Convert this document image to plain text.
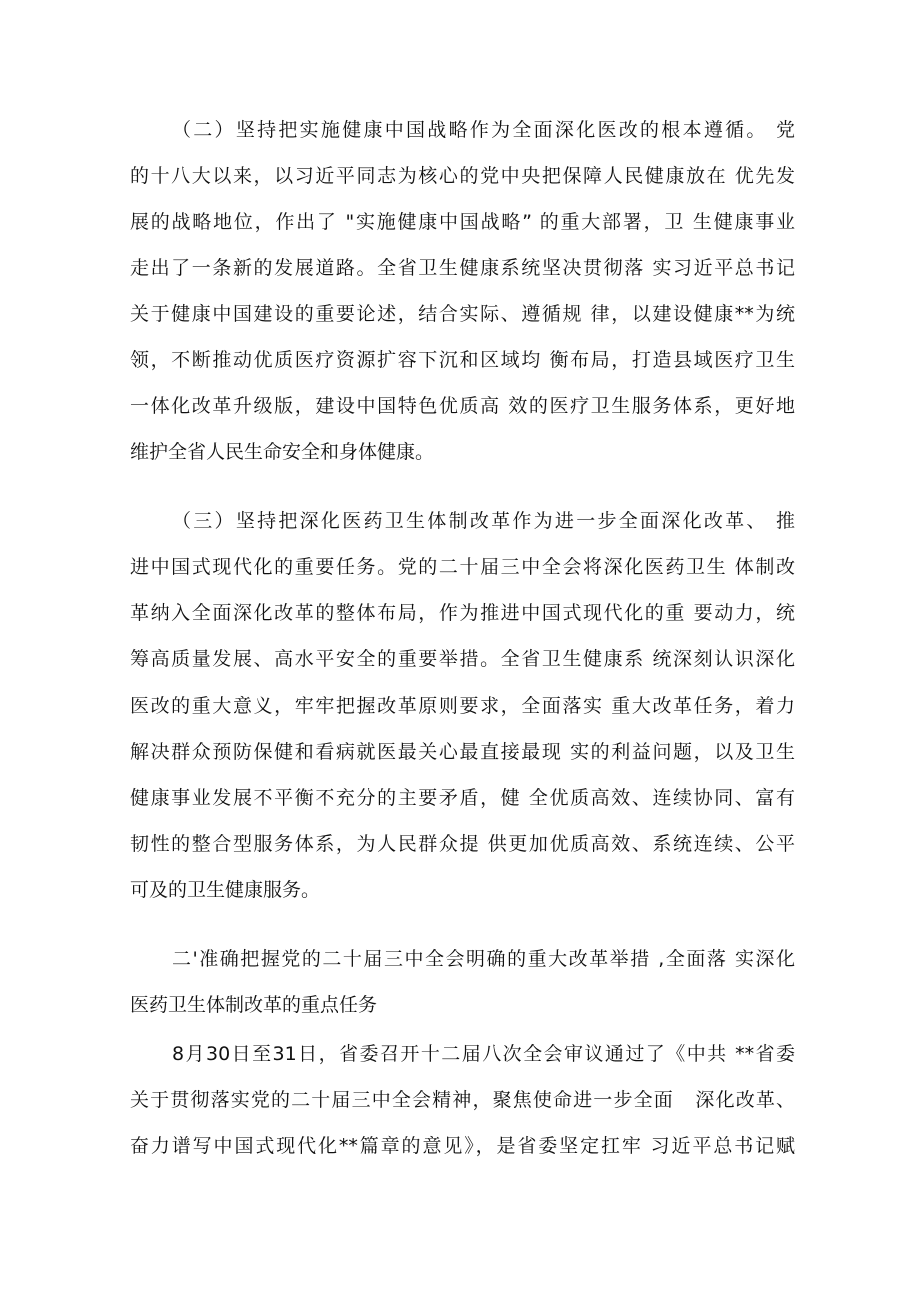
（二）坚持把实施健康中国战略作为全面深化医改的根本遵循。 党
的十八大以来，以习近平同志为核心的党中央把保障人民健康放在 优先发
展的战略地位，作出了 "实施健康中国战略” 的重大部署，卫 生健康事业
走出了一条新的发展道路。全省卫生健康系统坚决贯彻落 实习近平总书记
关于健康中国建设的重要论述，结合实际、遵循规 律，以建设健康**为统
领，不断推动优质医疗资源扩容下沉和区域均 衡布局，打造县域医疗卫生
一体化改革升级版，建设中国特色优质高 效的医疗卫生服务体系，更好地
维护全省人民生命安全和身体健康。
（三）坚持把深化医药卫生体制改革作为进一步全面深化改革、 推
进中国式现代化的重要任务。党的二十届三中全会将深化医药卫生 体制改
革纳入全面深化改革的整体布局，作为推进中国式现代化的重 要动力，统
筹高质量发展、高水平安全的重要举措。全省卫生健康系 统深刻认识深化
医改的重大意义，牢牢把握改革原则要求，全面落实 重大改革任务，着力
解决群众预防保健和看病就医最关心最直接最现 实的利益问题，以及卫生
健康事业发展不平衡不充分的主要矛盾，健 全优质高效、连续协同、富有
韧性的整合型服务体系，为人民群众提 供更加优质高效、系统连续、公平
可及的卫生健康服务。
二'准确把握党的二十届三中全会明确的重大改革举措 ,全面落 实深化
医药卫生体制改革的重点任务
8月30日至31日，省委召开十二届八次全会审议通过了《中共 **省委
关于贯彻落实党的二十届三中全会精神，聚焦使命进一步全面   深化改革、
奋力谱写中国式现代化**篇章的意见》，是省委坚定扛牢 习近平总书记赋
